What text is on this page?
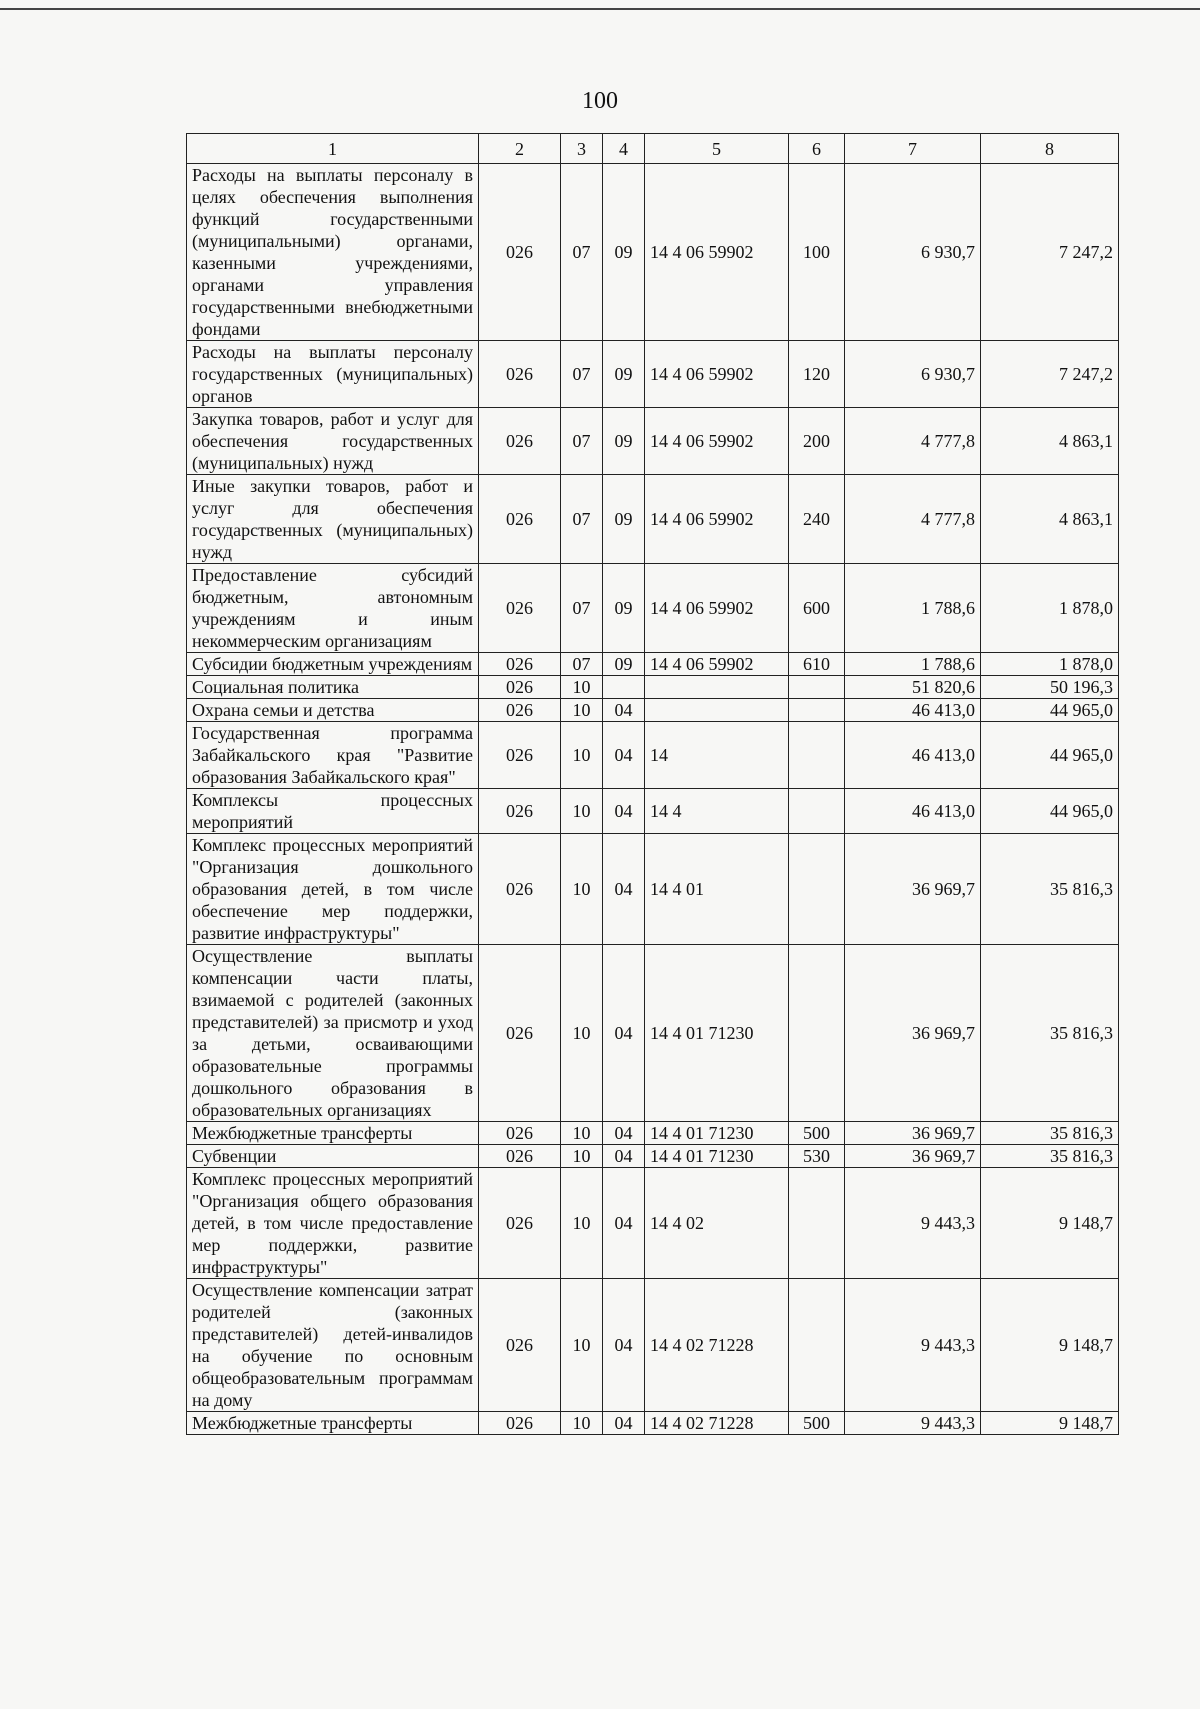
100
1	2	3	4	5	6	7	8
Расходы на выплаты персоналу в целях обеспечения выполнения функций государственными (муниципальными) органами, казенными учреждениями, органами управления государственными внебюджетными фондами	026	07	09	14 4 06 59902	100	6 930,7	7 247,2
Расходы на выплаты персоналу государственных (муниципальных) органов	026	07	09	14 4 06 59902	120	6 930,7	7 247,2
Закупка товаров, работ и услуг для обеспечения государственных (муниципальных) нужд	026	07	09	14 4 06 59902	200	4 777,8	4 863,1
Иные закупки товаров, работ и услуг для обеспечения государственных (муниципальных) нужд	026	07	09	14 4 06 59902	240	4 777,8	4 863,1
Предоставление субсидий бюджетным, автономным учреждениям и иным некоммерческим организациям	026	07	09	14 4 06 59902	600	1 788,6	1 878,0
Субсидии бюджетным учреждениям	026	07	09	14 4 06 59902	610	1 788,6	1 878,0
Социальная политика	026	10				51 820,6	50 196,3
Охрана семьи и детства	026	10	04			46 413,0	44 965,0
Государственная программа Забайкальского края "Развитие образования Забайкальского края"	026	10	04	14		46 413,0	44 965,0
Комплексы процессных мероприятий	026	10	04	14 4		46 413,0	44 965,0
Комплекс процессных мероприятий "Организация дошкольного образования детей, в том числе обеспечение мер поддержки, развитие инфраструктуры"	026	10	04	14 4 01		36 969,7	35 816,3
Осуществление выплаты компенсации части платы, взимаемой с родителей (законных представителей) за присмотр и уход за детьми, осваивающими образовательные программы дошкольного образования в образовательных организациях	026	10	04	14 4 01 71230		36 969,7	35 816,3
Межбюджетные трансферты	026	10	04	14 4 01 71230	500	36 969,7	35 816,3
Субвенции	026	10	04	14 4 01 71230	530	36 969,7	35 816,3
Комплекс процессных мероприятий "Организация общего образования детей, в том числе предоставление мер поддержки, развитие инфраструктуры"	026	10	04	14 4 02		9 443,3	9 148,7
Осуществление компенсации затрат родителей (законных представителей) детей-инвалидов на обучение по основным общеобразовательным программам на дому	026	10	04	14 4 02 71228		9 443,3	9 148,7
Межбюджетные трансферты	026	10	04	14 4 02 71228	500	9 443,3	9 148,7
